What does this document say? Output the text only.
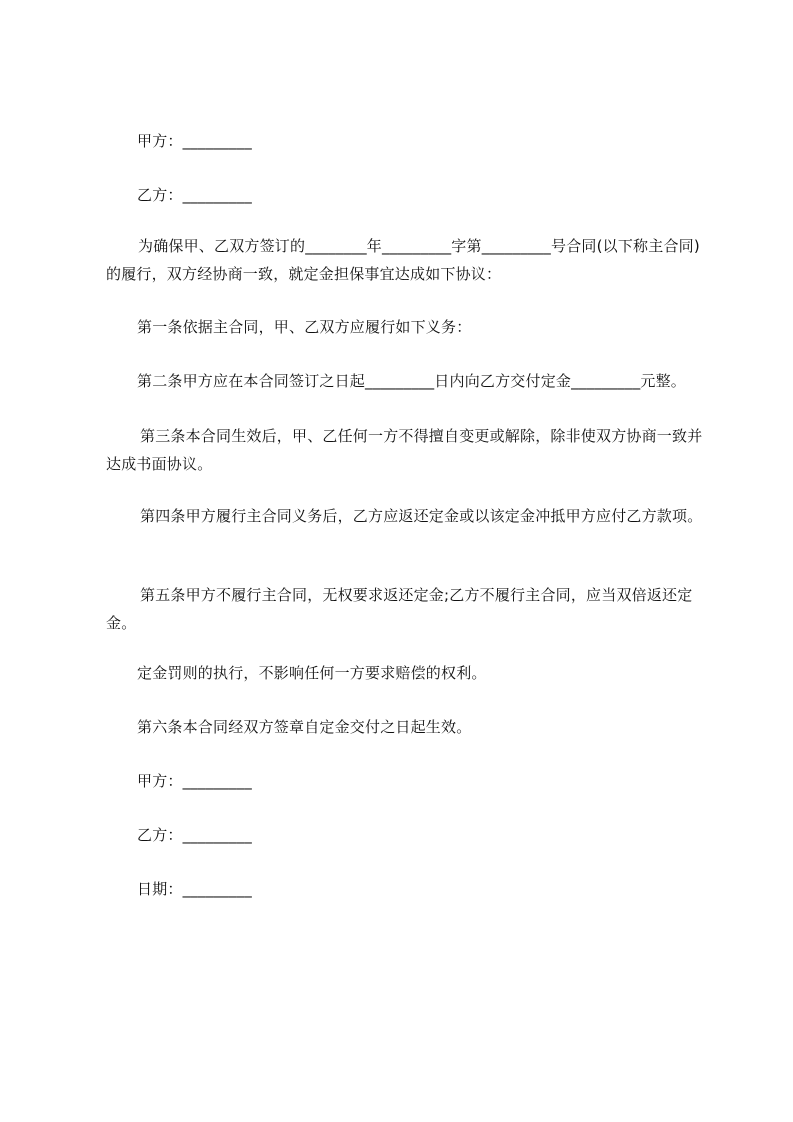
甲方：_________
乙方：_________
为确保甲、乙双方签订的________年_________字第_________号合同(以下称主合同)的履行，双方经协商一致，就定金担保事宜达成如下协议：
第一条依据主合同，甲、乙双方应履行如下义务：
第二条甲方应在本合同签订之日起_________日内向乙方交付定金_________元整。
第三条本合同生效后，甲、乙任何一方不得擅自变更或解除，除非使双方协商一致并达成书面协议。
第四条甲方履行主合同义务后，乙方应返还定金或以该定金冲抵甲方应付乙方款项。
第五条甲方不履行主合同，无权要求返还定金;乙方不履行主合同，应当双倍返还定金。
定金罚则的执行，不影响任何一方要求赔偿的权利。
第六条本合同经双方签章自定金交付之日起生效。
甲方：_________
乙方：_________
日期：_________
